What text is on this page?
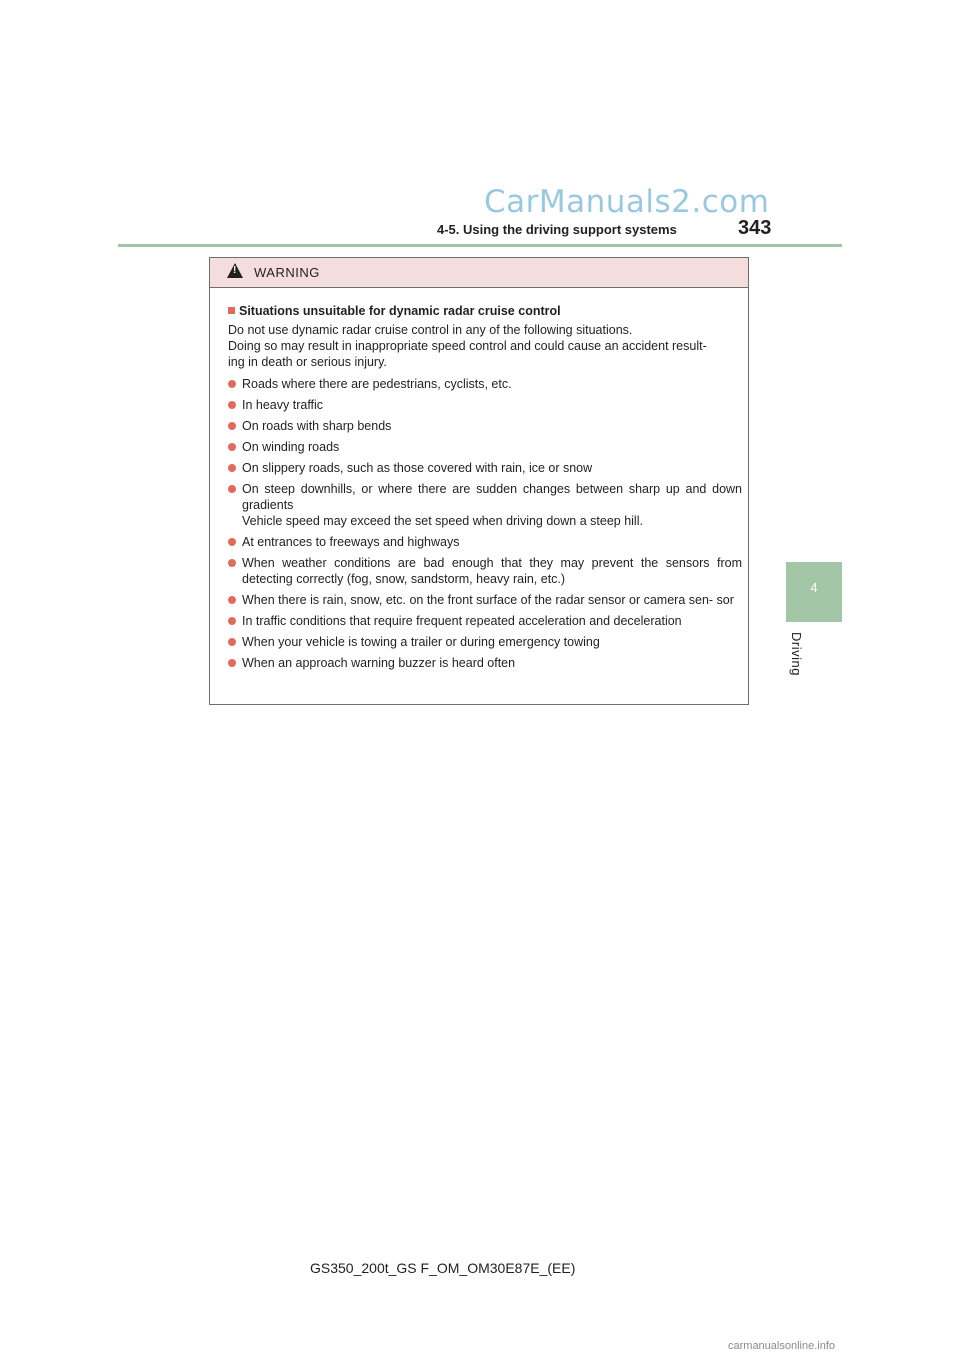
CarManuals2.com
4-5. Using the driving support systems	343
4
Driving
!
WARNING
Situations unsuitable for dynamic radar cruise control
Do not use dynamic radar cruise control in any of the following situations.
Doing so may result in inappropriate speed control and could cause an accident result-
ing in death or serious injury.
Roads where there are pedestrians, cyclists, etc.
In heavy traffic
On roads with sharp bends
On winding roads
On slippery roads, such as those covered with rain, ice or snow
On steep downhills, or where there are sudden changes between sharp up and down gradients
Vehicle speed may exceed the set speed when driving down a steep hill.
At entrances to freeways and highways
When weather conditions are bad enough that they may prevent the sensors from detecting correctly (fog, snow, sandstorm, heavy rain, etc.)
When there is rain, snow, etc. on the front surface of the radar sensor or camera sen- sor
In traffic conditions that require frequent repeated acceleration and deceleration
When your vehicle is towing a trailer or during emergency towing
When an approach warning buzzer is heard often
GS350_200t_GS F_OM_OM30E87E_(EE)
carmanualsonline.info
